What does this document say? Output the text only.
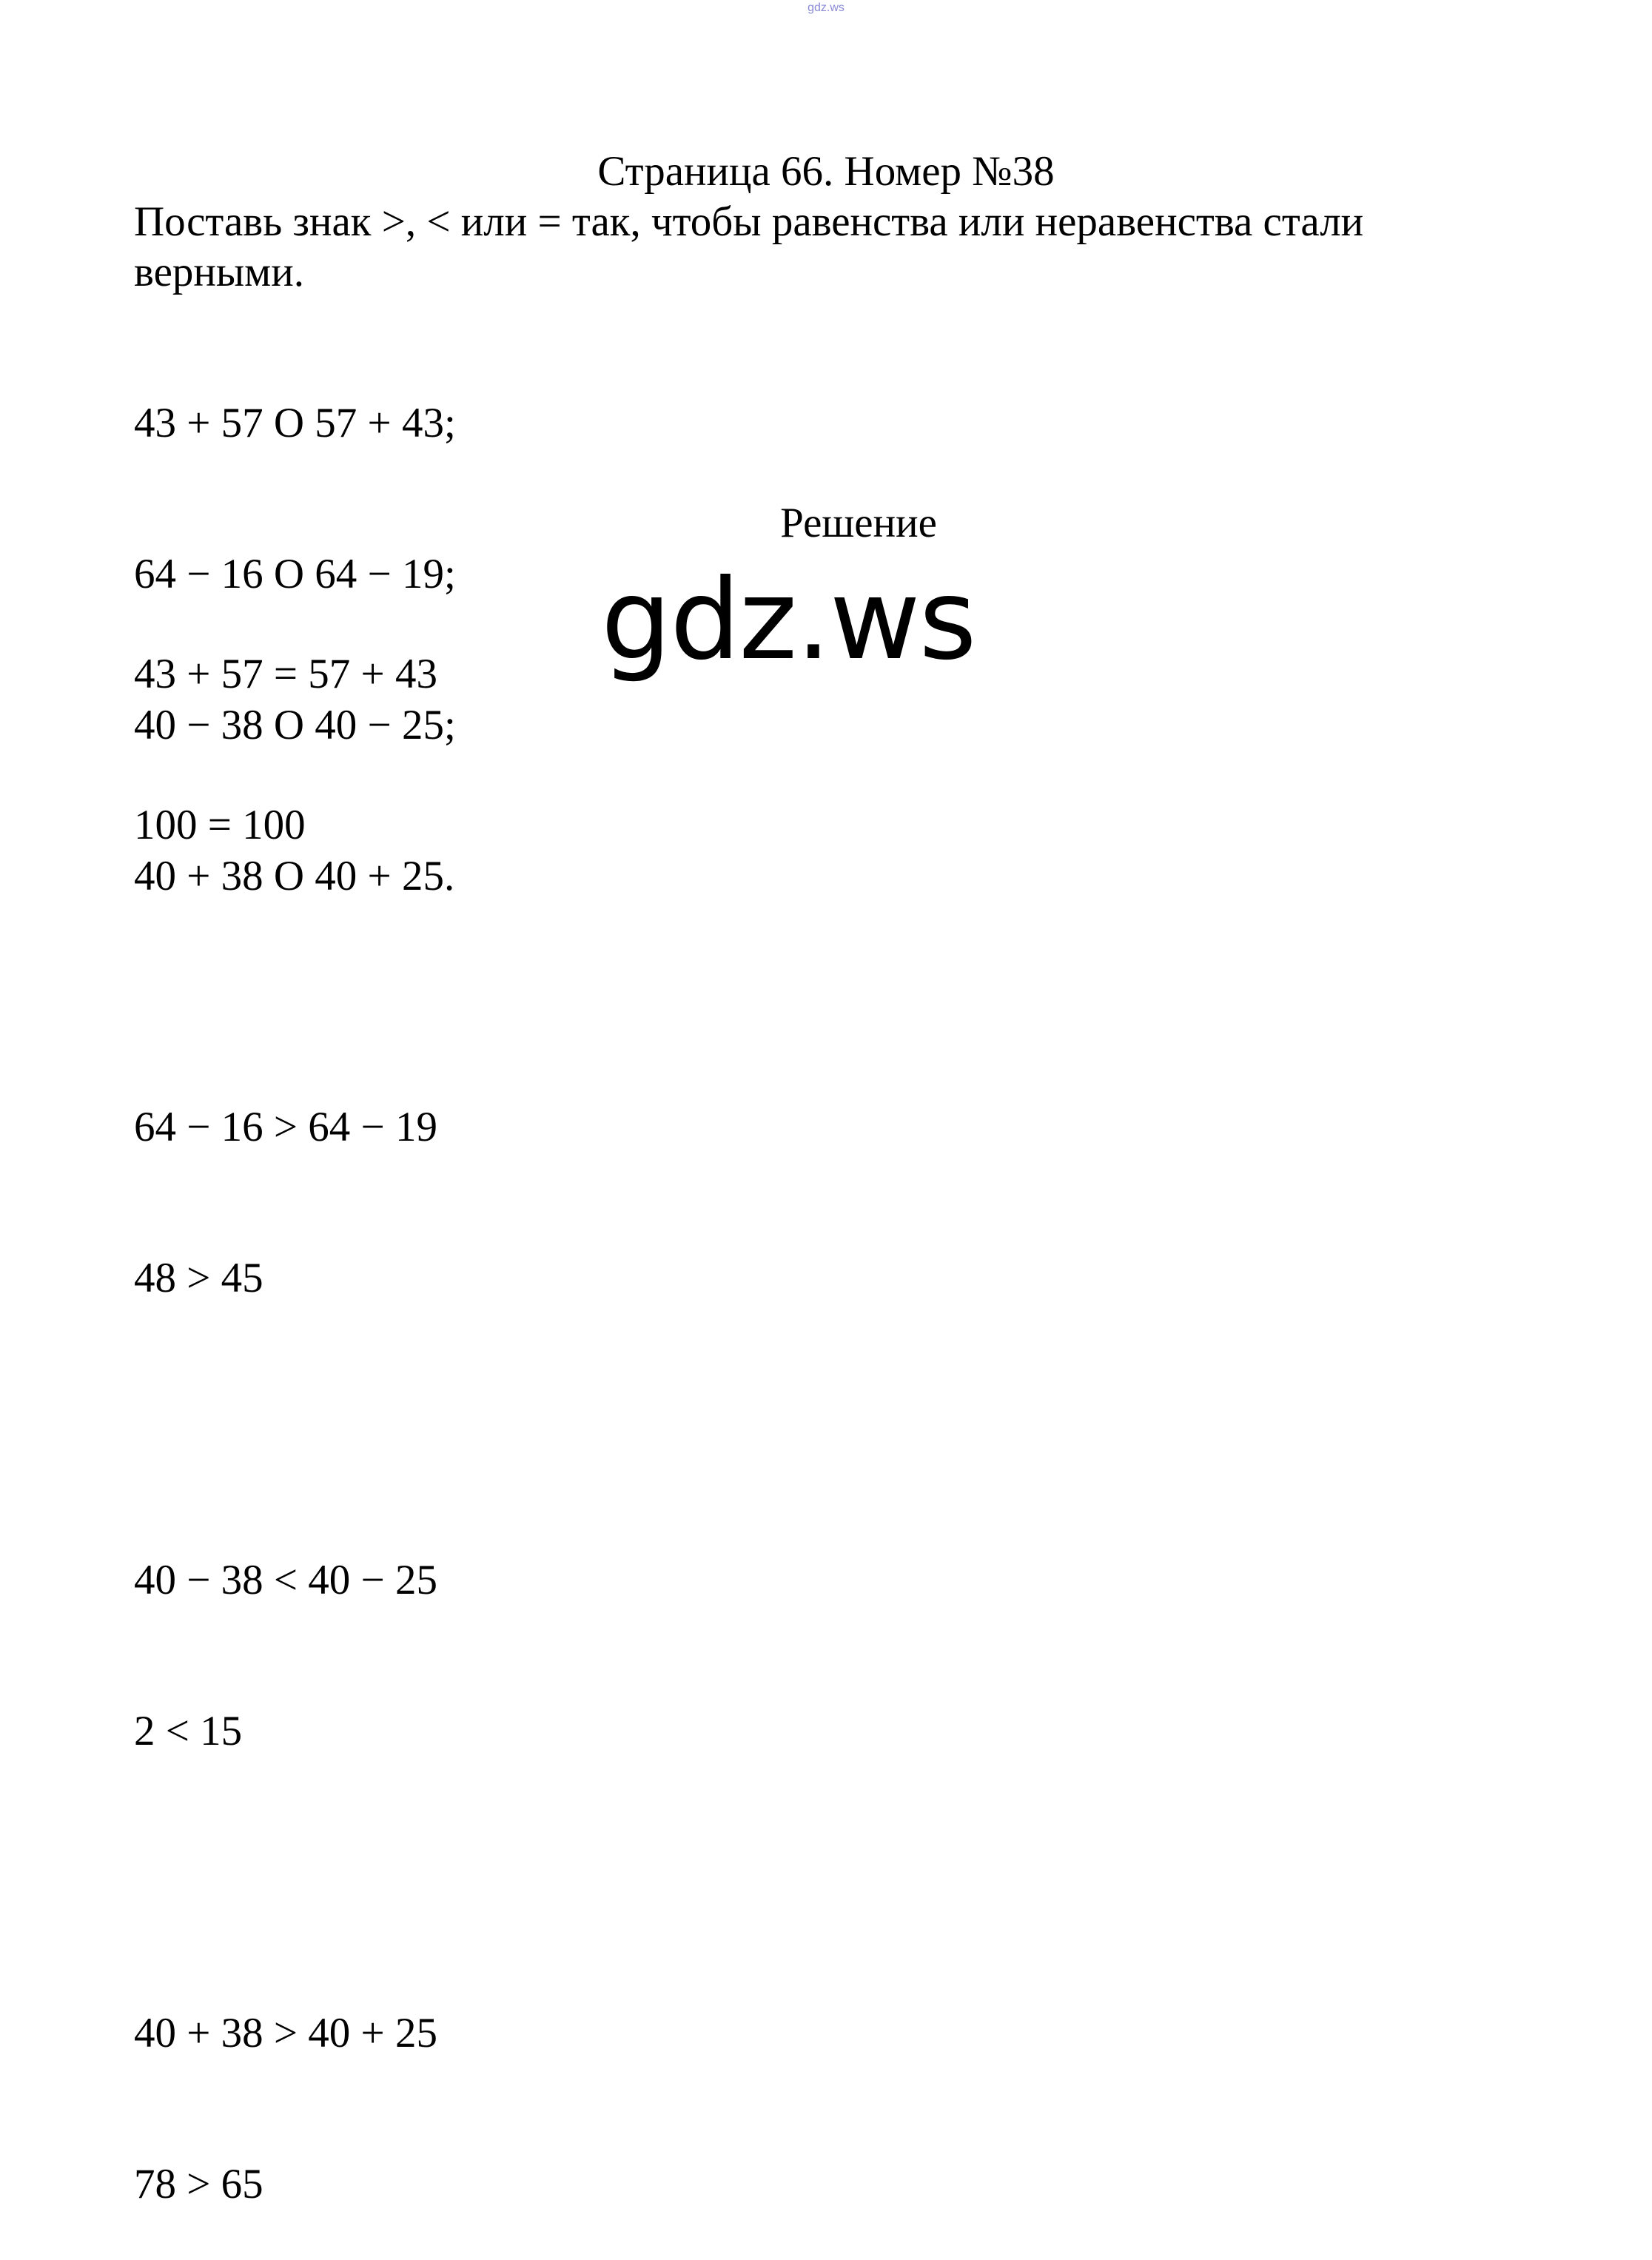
gdz.ws
Страница 66. Номер №38
Поставь знак >, < или = так, чтобы равенства или неравенства стали
верными.

43 + 57 O 57 + 43;

64 − 16 O 64 − 19;

40 − 38 O 40 − 25;

40 + 38 O 40 + 25.

Решение

43 + 57 = 57 + 43

100 = 100

64 − 16 > 64 − 19

48 > 45

40 − 38 < 40 − 25

2 < 15

40 + 38 > 40 + 25

78 > 65

gdz.ws
